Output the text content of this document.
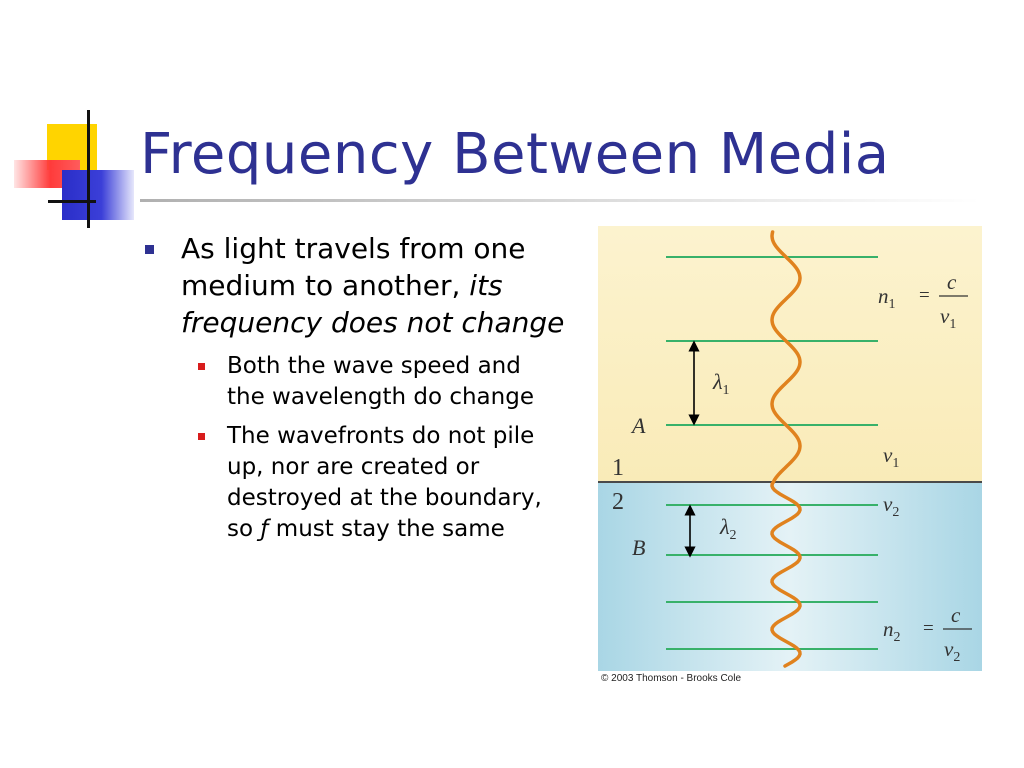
Frequency Between Media
As light travels from one medium to another, its frequency does not change
Both the wave speed and the wavelength do change
The wavefronts do not pile up, nor are created or destroyed at the boundary, so ƒ must stay the same
$n_1$ =
c
$v_1$
$\lambda_1$
A
1	$v_1$
2	$v_2$
$\lambda_2$
B
$n_2$ =
c
$v_2$
© 2003 Thomson - Brooks Cole
